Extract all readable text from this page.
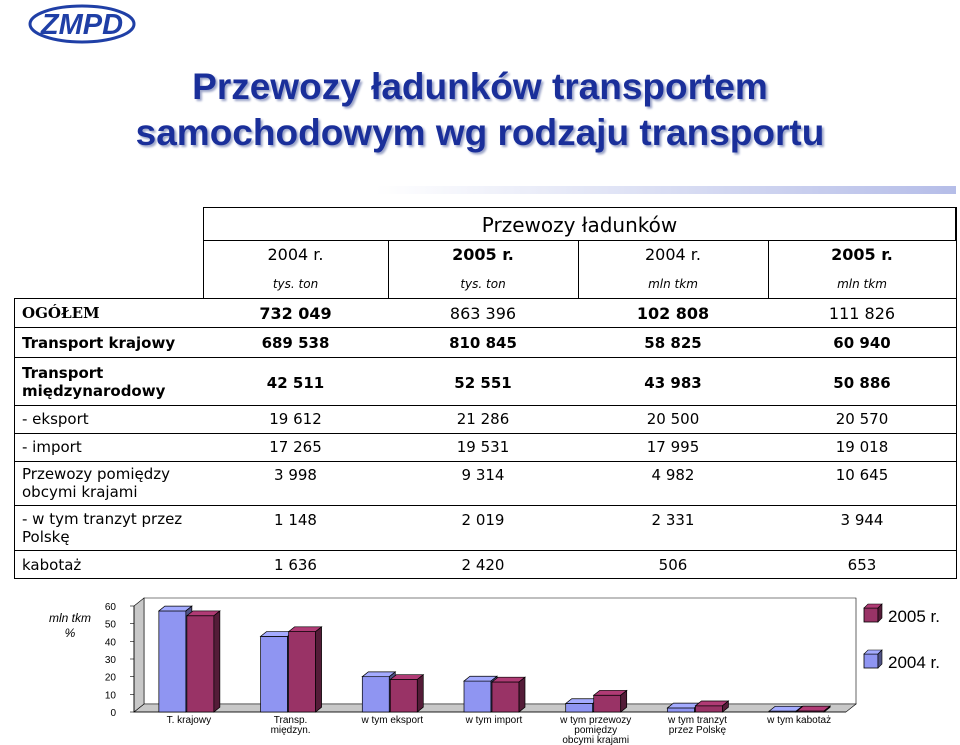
ZMPD
Przewozy ładunków transportem
samochodowym wg rodzaju transportu
Przewozy ładunków
2004 r.	2005 r.	2004 r.	2005 r.
tys. ton	tys. ton	mln tkm	mln tkm
OGÓŁEM	732 049	863 396	102 808	111 826
Transport krajowy	689 538	810 845	58 825	60 940
Transport
międzynarodowy	42 511	52 551	43 983	50 886
- eksport	19 612	21 286	20 500	20 570
- import	17 265	19 531	17 995	19 018
Przewozy pomiędzy
obcymi krajami
3 998	9 314	4 982	10 645
- w tym tranzyt przez
Polskę
1 148	2 019	2 331	3 944
kabotaż	1 636	2 420	506	653
mln tkm
%
0
10
20
30
40
50
60
T. krajowy	Transp.
międzyn.
w tym eksport	w tym import	w tym przewozy
pomiędzy
obcymi krajami
w tym tranzyt
przez Polskę
w tym kabotaż
2005 r.
2004 r.
